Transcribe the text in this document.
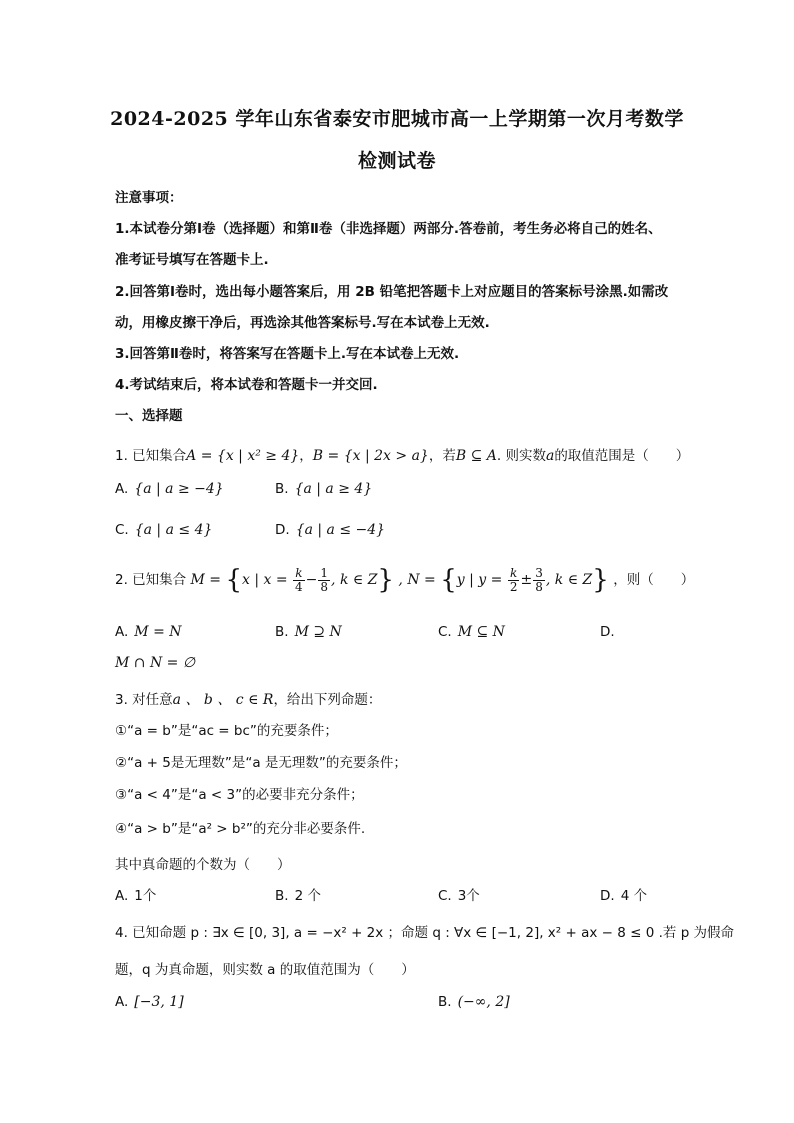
2024-2025 学年山东省泰安市肥城市高一上学期第一次月考数学
检测试卷
注意事项：
1.本试卷分第Ⅰ卷（选择题）和第Ⅱ卷（非选择题）两部分.答卷前，考生务必将自己的姓名、
准考证号填写在答题卡上.
2.回答第Ⅰ卷时，选出每小题答案后，用 2B 铅笔把答题卡上对应题目的答案标号涂黑.如需改
动，用橡皮擦干净后，再选涂其他答案标号.写在本试卷上无效.
3.回答第Ⅱ卷时，将答案写在答题卡上.写在本试卷上无效.
4.考试结束后，将本试卷和答题卡一并交回.
一、选择题
1. 已知集合A = {x | x² ≥ 4}，B = {x | 2x > a}，若B ⊆ A. 则实数a的取值范围是（　　）
A. {a | a ≥ −4}	B. {a | a ≥ 4}
C. {a | a ≤ 4}	D. {a | a ≤ −4}
2. 已知集合 M = {x | $x = \frac{k}{4} - \frac{1}{8}$ , k ∈ Z} , N = {y | $y = \frac{k}{2} \pm \frac{3}{8}$ , k ∈ Z} ，则（　　）
A. M = N	B. M ⊇ N	C. M ⊆ N	D.
M ∩ N = ∅
3. 对任意a 、 b 、 c ∈ R，给出下列命题：
①“a = b”是“ac = bc”的充要条件；
②“a + 5是无理数”是“a 是无理数”的充要条件；
③“a < 4”是“a < 3”的必要非充分条件；
④“a > b”是“a² > b²”的充分非必要条件.
其中真命题的个数为（　　）
A. 1个	B. 2 个	C. 3个	D. 4 个
4. 已知命题 p : ∃x ∈ [0, 3], a = −x² + 2x ；命题 q : ∀x ∈ [−1, 2], x² + ax − 8 ≤ 0 .若 p 为假命
题，q 为真命题，则实数 a 的取值范围为（　　）
A. [−3, 1]	B. (−∞, 2]
